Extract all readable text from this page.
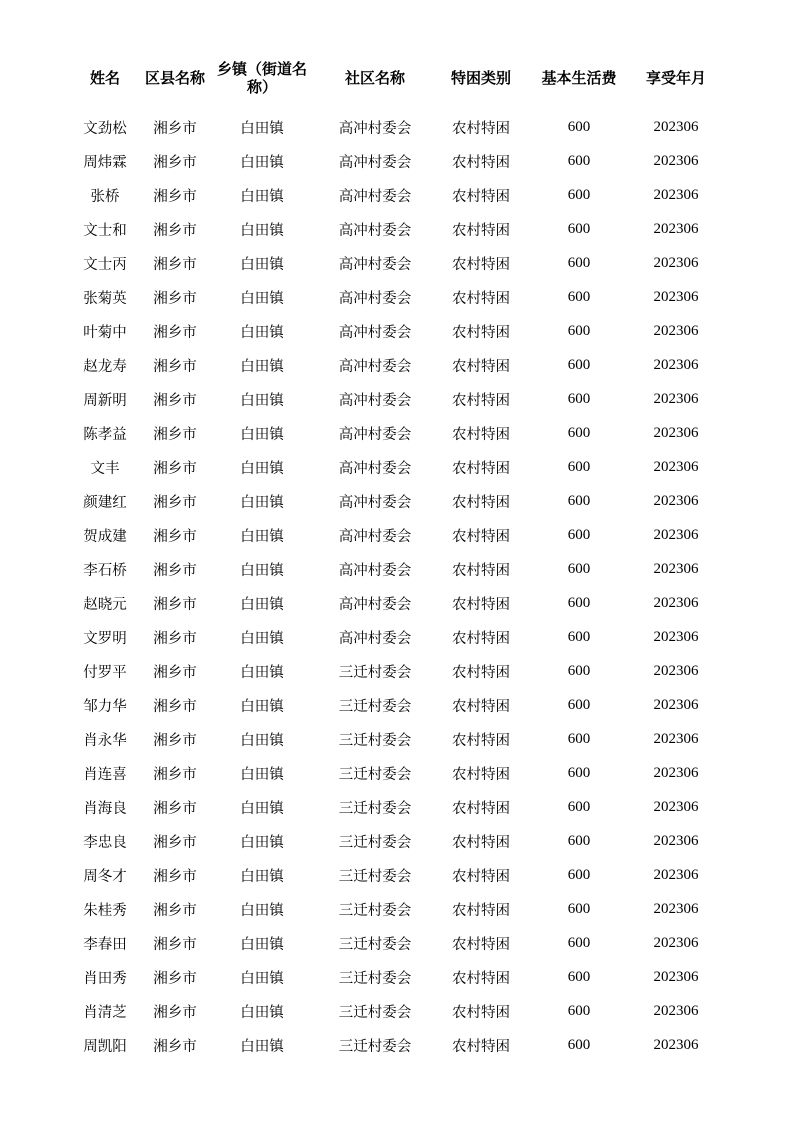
姓名	区县名称	乡镇（街道名称）	社区名称	特困类别	基本生活费	享受年月

文劲松	湘乡市	白田镇	高冲村委会	农村特困	600	202306
周炜霖	湘乡市	白田镇	高冲村委会	农村特困	600	202306
张桥	湘乡市	白田镇	高冲村委会	农村特困	600	202306
文士和	湘乡市	白田镇	高冲村委会	农村特困	600	202306
文士丙	湘乡市	白田镇	高冲村委会	农村特困	600	202306
张菊英	湘乡市	白田镇	高冲村委会	农村特困	600	202306
叶菊中	湘乡市	白田镇	高冲村委会	农村特困	600	202306
赵龙寿	湘乡市	白田镇	高冲村委会	农村特困	600	202306
周新明	湘乡市	白田镇	高冲村委会	农村特困	600	202306
陈孝益	湘乡市	白田镇	高冲村委会	农村特困	600	202306
文丰	湘乡市	白田镇	高冲村委会	农村特困	600	202306
颜建红	湘乡市	白田镇	高冲村委会	农村特困	600	202306
贺成建	湘乡市	白田镇	高冲村委会	农村特困	600	202306
李石桥	湘乡市	白田镇	高冲村委会	农村特困	600	202306
赵晓元	湘乡市	白田镇	高冲村委会	农村特困	600	202306
文罗明	湘乡市	白田镇	高冲村委会	农村特困	600	202306
付罗平	湘乡市	白田镇	三迁村委会	农村特困	600	202306
邹力华	湘乡市	白田镇	三迁村委会	农村特困	600	202306
肖永华	湘乡市	白田镇	三迁村委会	农村特困	600	202306
肖连喜	湘乡市	白田镇	三迁村委会	农村特困	600	202306
肖海良	湘乡市	白田镇	三迁村委会	农村特困	600	202306
李忠良	湘乡市	白田镇	三迁村委会	农村特困	600	202306
周冬才	湘乡市	白田镇	三迁村委会	农村特困	600	202306
朱桂秀	湘乡市	白田镇	三迁村委会	农村特困	600	202306
李春田	湘乡市	白田镇	三迁村委会	农村特困	600	202306
肖田秀	湘乡市	白田镇	三迁村委会	农村特困	600	202306
肖清芝	湘乡市	白田镇	三迁村委会	农村特困	600	202306
周凯阳	湘乡市	白田镇	三迁村委会	农村特困	600	202306
